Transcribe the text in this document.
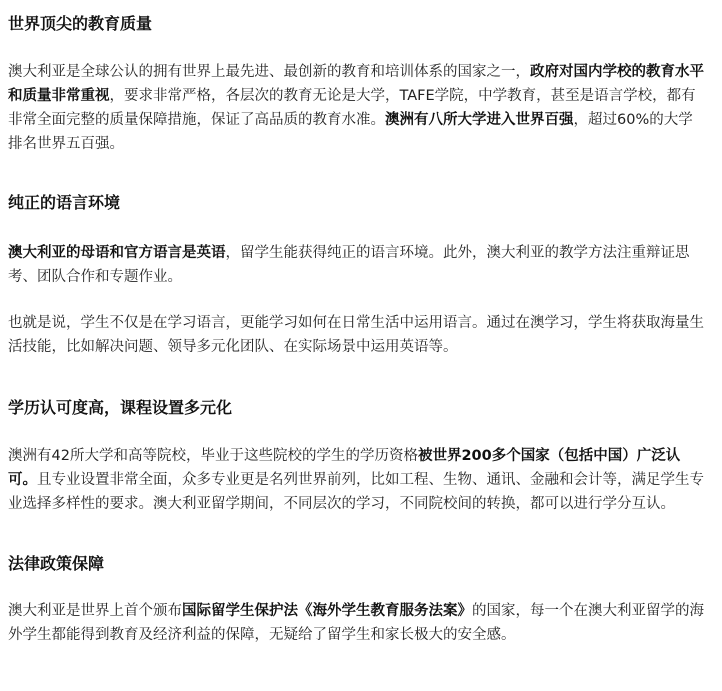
世界顶尖的教育质量

澳大利亚是全球公认的拥有世界上最先进、最创新的教育和培训体系的国家之一，政府对国内学校的教育水平和质量非常重视，要求非常严格，各层次的教育无论是大学，TAFE学院，中学教育，甚至是语言学校，都有非常全面完整的质量保障措施，保证了高品质的教育水准。澳洲有八所大学进入世界百强，超过60%的大学排名世界五百强。

纯正的语言环境

澳大利亚的母语和官方语言是英语，留学生能获得纯正的语言环境。此外，澳大利亚的教学方法注重辩证思考、团队合作和专题作业。

也就是说，学生不仅是在学习语言，更能学习如何在日常生活中运用语言。通过在澳学习，学生将获取海量生活技能，比如解决问题、领导多元化团队、在实际场景中运用英语等。

学历认可度高，课程设置多元化

澳洲有42所大学和高等院校，毕业于这些院校的学生的学历资格被世界200多个国家（包括中国）广泛认可。且专业设置非常全面，众多专业更是名列世界前列，比如工程、生物、通讯、金融和会计等，满足学生专业选择多样性的要求。澳大利亚留学期间，不同层次的学习，不同院校间的转换，都可以进行学分互认。

法律政策保障

澳大利亚是世界上首个颁布国际留学生保护法《海外学生教育服务法案》的国家，每一个在澳大利亚留学的海外学生都能得到教育及经济利益的保障，无疑给了留学生和家长极大的安全感。
